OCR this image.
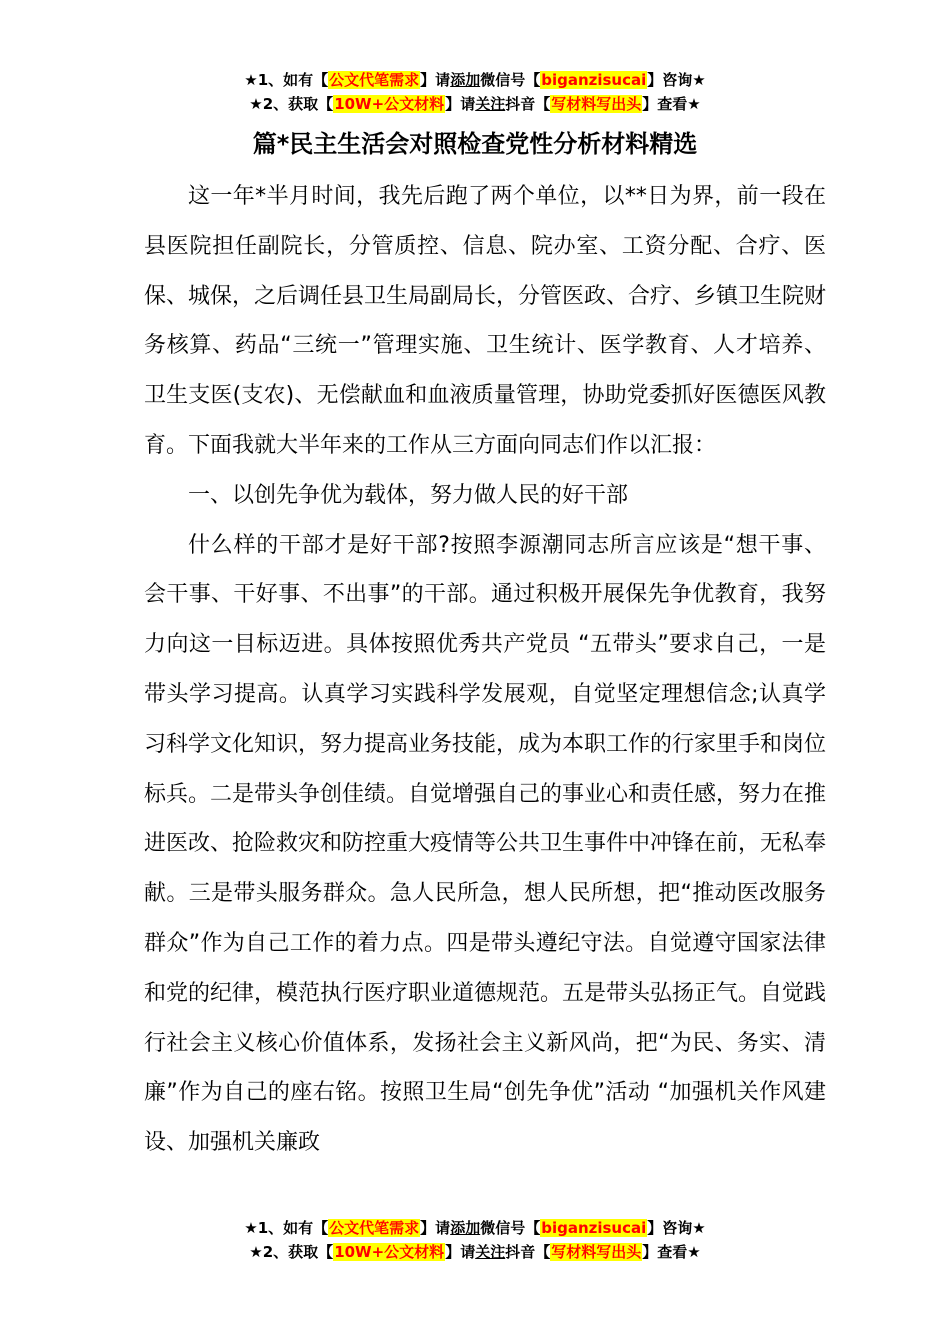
★1、如有【公文代笔需求】请添加微信号【biganzisucai】咨询★
★2、获取【10W+公文材料】请关注抖音【写材料写出头】查看★
篇*民主生活会对照检查党性分析材料精选

这一年*半月时间，我先后跑了两个单位，以**日为界，前一段在县医院担任副院长，分管质控、信息、院办室、工资分配、合疗、医保、城保，之后调任县卫生局副局长，分管医政、合疗、乡镇卫生院财务核算、药品“三统一”管理实施、卫生统计、医学教育、人才培养、卫生支医(支农)、无偿献血和血液质量管理，协助党委抓好医德医风教育。下面我就大半年来的工作从三方面向同志们作以汇报：

一、以创先争优为载体，努力做人民的好干部

什么样的干部才是好干部?按照李源潮同志所言应该是“想干事、会干事、干好事、不出事”的干部。通过积极开展保先争优教育，我努力向这一目标迈进。具体按照优秀共产党员 “五带头”要求自己，一是带头学习提高。认真学习实践科学发展观，自觉坚定理想信念;认真学习科学文化知识，努力提高业务技能，成为本职工作的行家里手和岗位标兵。二是带头争创佳绩。自觉增强自己的事业心和责任感，努力在推进医改、抢险救灾和防控重大疫情等公共卫生事件中冲锋在前，无私奉献。三是带头服务群众。急人民所急，想人民所想，把“推动医改服务群众”作为自己工作的着力点。四是带头遵纪守法。自觉遵守国家法律和党的纪律，模范执行医疗职业道德规范。五是带头弘扬正气。自觉践行社会主义核心价值体系，发扬社会主义新风尚，把“为民、务实、清廉”作为自己的座右铭。按照卫生局“创先争优”活动 “加强机关作风建设、加强机关廉政

★1、如有【公文代笔需求】请添加微信号【biganzisucai】咨询★
★2、获取【10W+公文材料】请关注抖音【写材料写出头】查看★
